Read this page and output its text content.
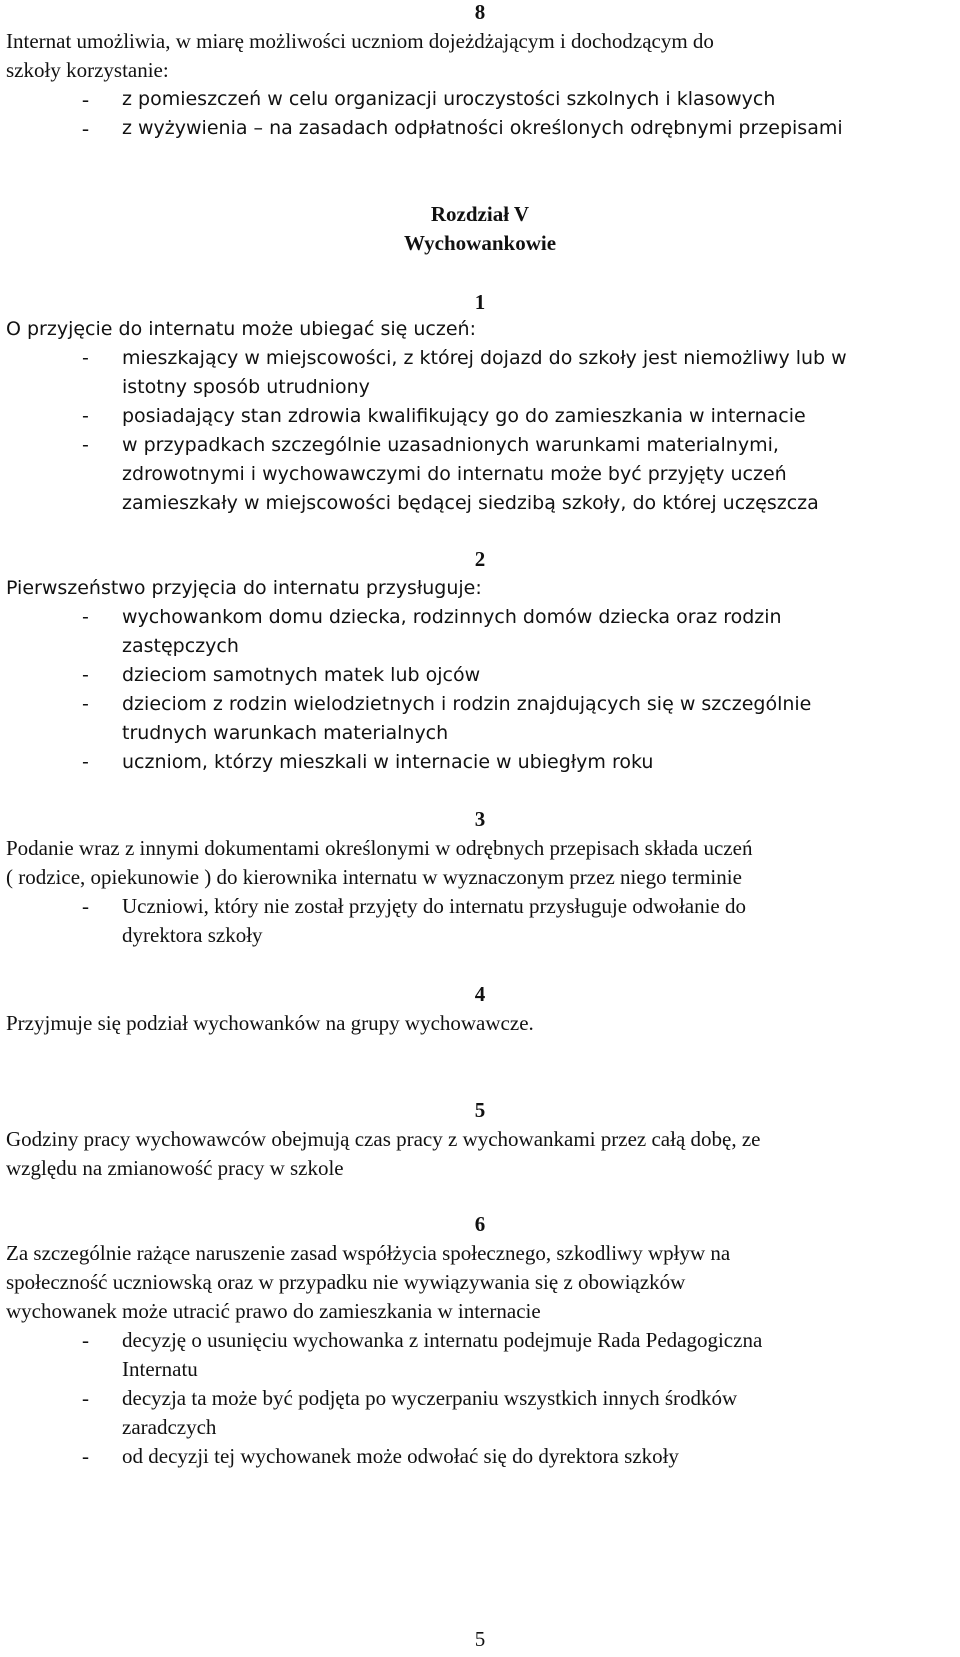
8
Internat umożliwia, w miarę możliwości uczniom dojeżdżającym i dochodzącym do
szkoły korzystanie:
- z pomieszczeń w celu organizacji uroczystości szkolnych i klasowych
- z wyżywienia – na zasadach odpłatności określonych odrębnymi przepisami
Rozdział V
Wychowankowie
1
O przyjęcie do internatu może ubiegać się uczeń:
- mieszkający w miejscowości, z której dojazd do szkoły jest niemożliwy lub w
istotny sposób utrudniony
- posiadający stan zdrowia kwalifikujący go do zamieszkania w internacie
- w przypadkach szczególnie uzasadnionych warunkami materialnymi,
zdrowotnymi i wychowawczymi do internatu może być przyjęty uczeń
zamieszkały w miejscowości będącej siedzibą szkoły, do której uczęszcza
2
Pierwszeństwo przyjęcia do internatu przysługuje:
- wychowankom domu dziecka, rodzinnych domów dziecka oraz rodzin
zastępczych
- dzieciom samotnych matek lub ojców
- dzieciom z rodzin wielodzietnych i rodzin znajdujących się w szczególnie
trudnych warunkach materialnych
- uczniom, którzy mieszkali w internacie w ubiegłym roku
3
Podanie wraz z innymi dokumentami określonymi w odrębnych przepisach składa uczeń
( rodzice, opiekunowie ) do kierownika internatu w wyznaczonym przez niego terminie
- Uczniowi, który nie został przyjęty do internatu przysługuje odwołanie do
dyrektora szkoły
4
Przyjmuje się podział wychowanków na grupy wychowawcze.
5
Godziny pracy wychowawców obejmują czas pracy z wychowankami przez całą dobę, ze
względu na zmianowość pracy w szkole
6
Za szczególnie rażące naruszenie zasad współżycia społecznego, szkodliwy wpływ na
społeczność uczniowską oraz w przypadku nie wywiązywania się z obowiązków
wychowanek może utracić prawo do zamieszkania w internacie
- decyzję o usunięciu wychowanka z internatu podejmuje Rada Pedagogiczna
Internatu
- decyzja ta może być podjęta po wyczerpaniu wszystkich innych środków
zaradczych
- od decyzji tej wychowanek może odwołać się do dyrektora szkoły
5
